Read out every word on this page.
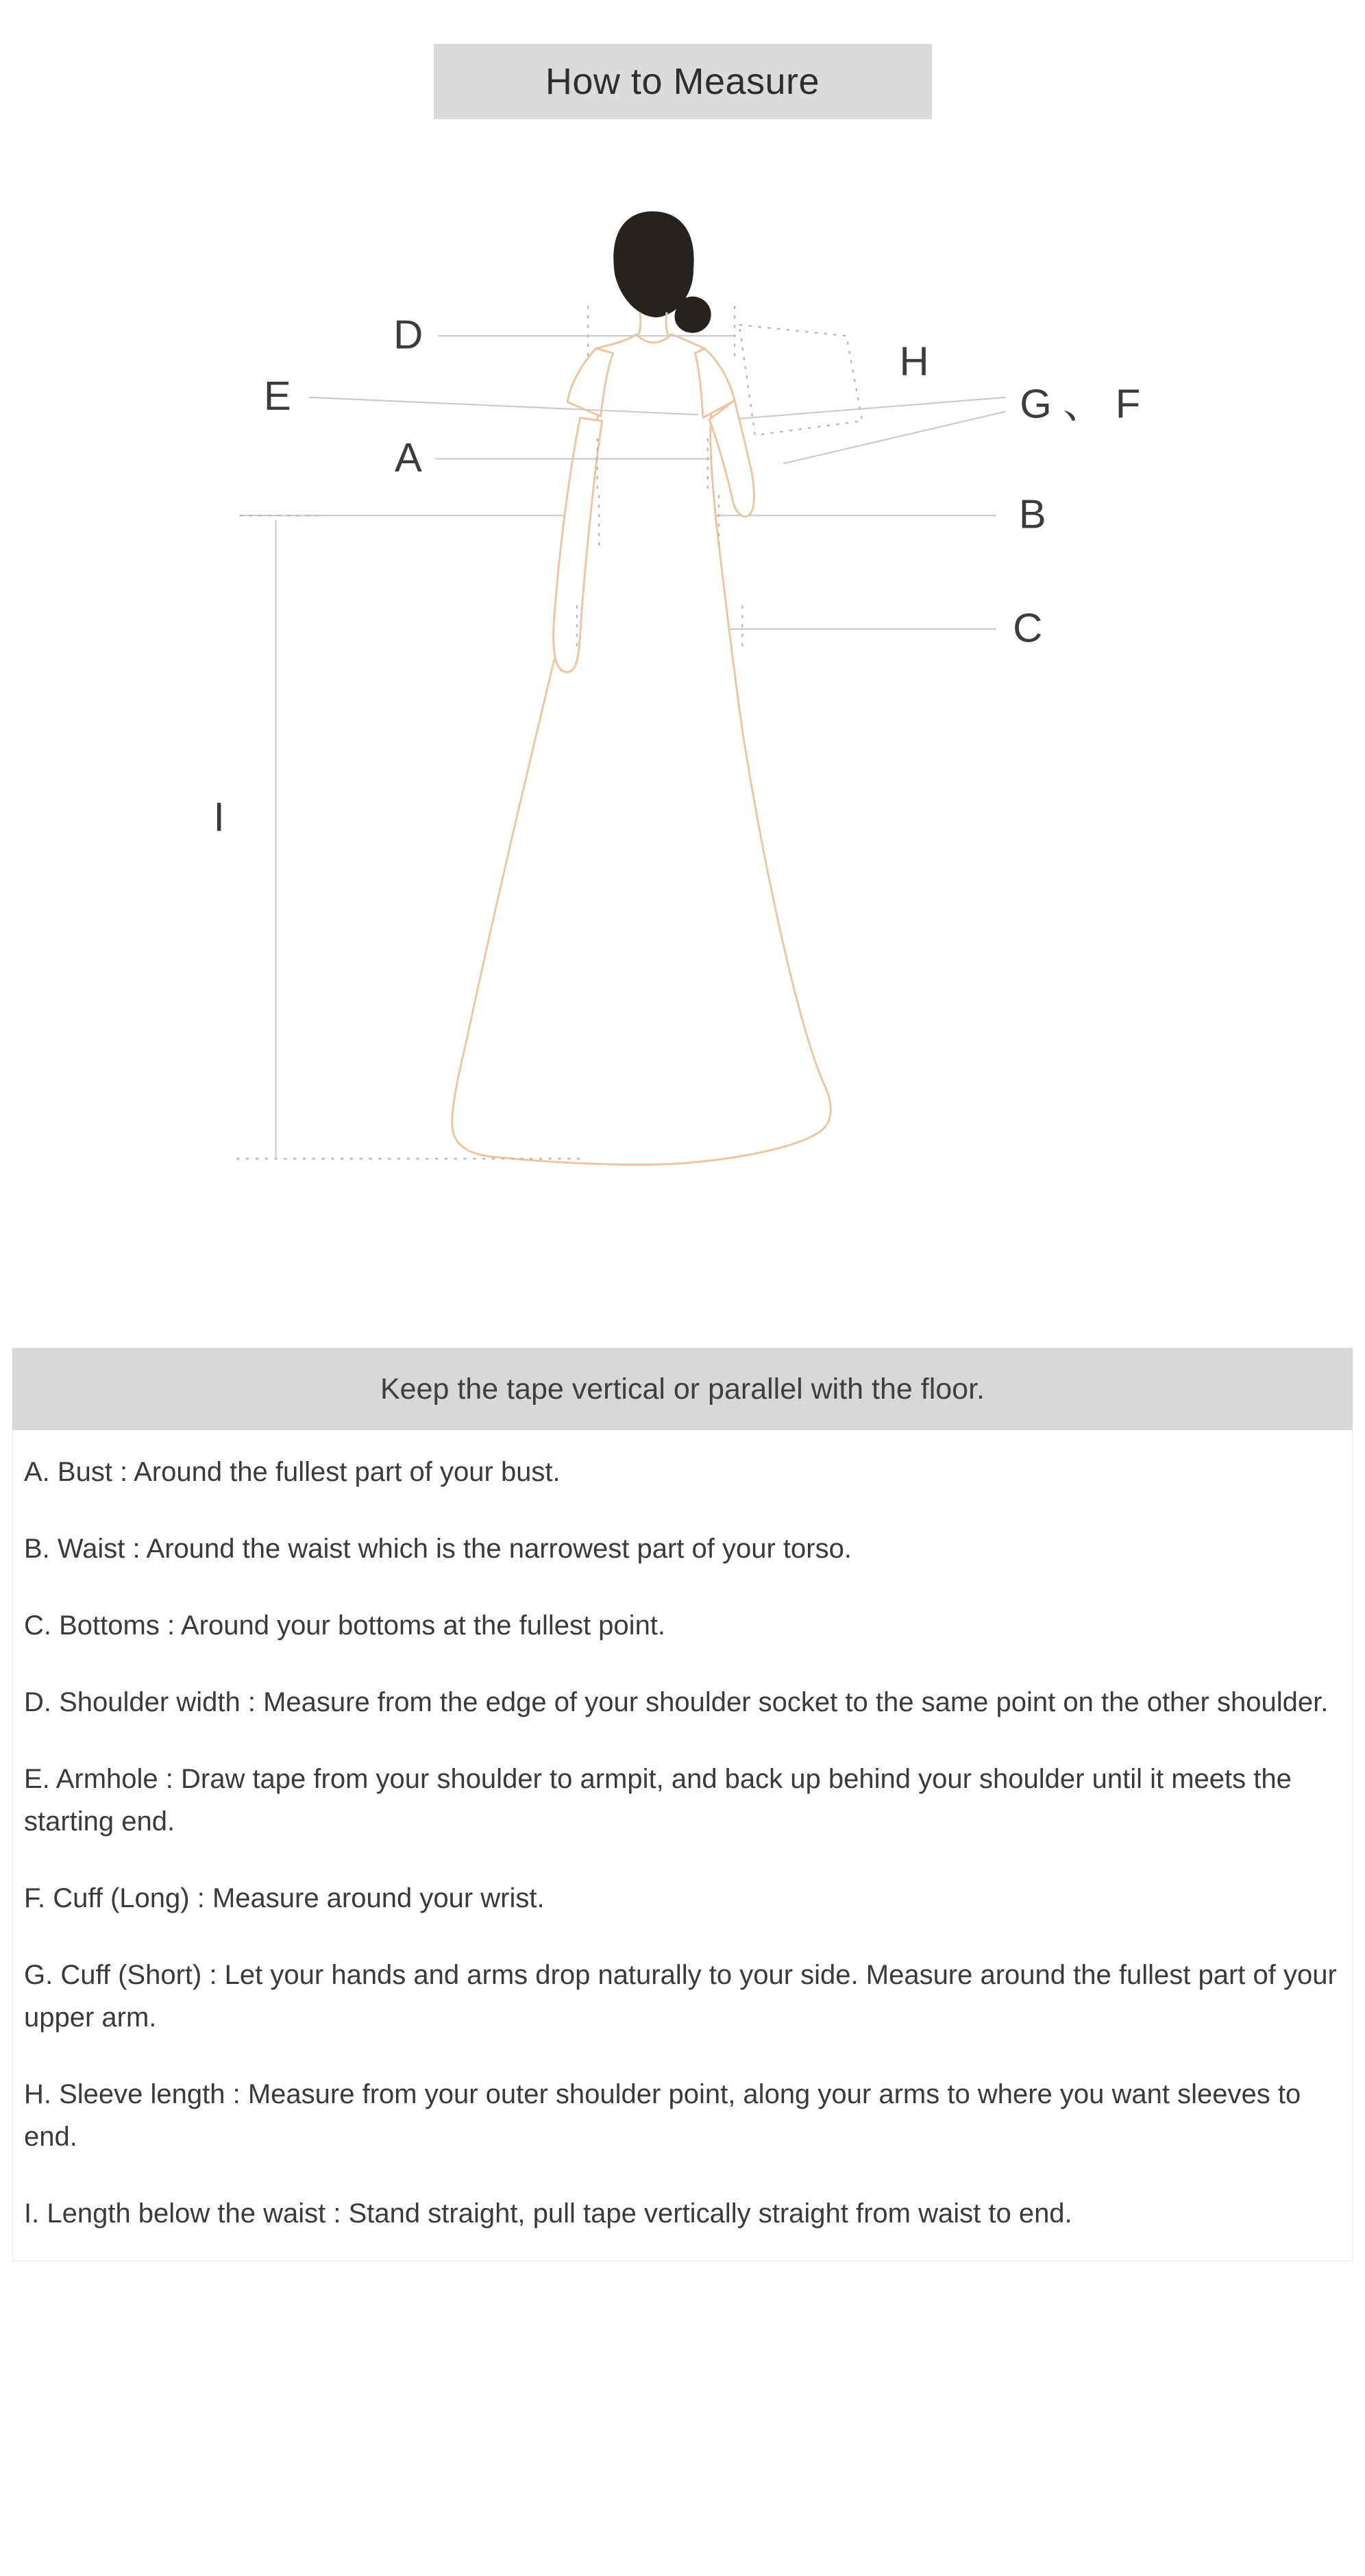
How to Measure
D
E
A
H
G 、 F
B
C
I
Keep the tape vertical or parallel with the floor.

A. Bust : Around the fullest part of your bust.

B. Waist : Around the waist which is the narrowest part of your torso.

C. Bottoms : Around your bottoms at the fullest point.

D. Shoulder width : Measure from the edge of your shoulder socket to the same point on the other shoulder.

E. Armhole : Draw tape from your shoulder to armpit, and back up behind your shoulder until it meets the starting end.

F. Cuff (Long) : Measure around your wrist.

G. Cuff (Short) : Let your hands and arms drop naturally to your side. Measure around the fullest part of your upper arm.

H. Sleeve length : Measure from your outer shoulder point, along your arms to where you want sleeves to end.

I. Length below the waist : Stand straight, pull tape vertically straight from waist to end.
